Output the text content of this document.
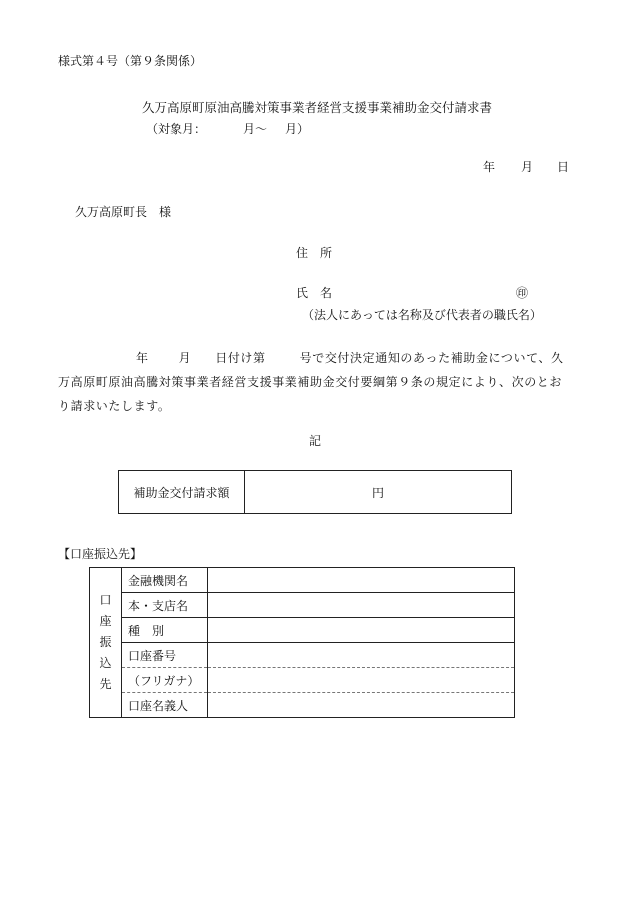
様式第４号（第９条関係）

久万高原町原油高騰対策事業者経営支援事業補助金交付請求書

（対象月：	月～ 月）

年 月 日

久万高原町長　様

住　所

氏　名	㊞

（法人にあっては名称及び代表者の職氏名）

年	月 日付け第	号で交付決定通知のあった補助金について、久万高原町原油高騰対策事業者経営支援事業補助金交付要綱第９条の規定により、次のとおり請求いたします。

記

補助金交付請求額	円

【口座振込先】

口
座
振
込
先	金融機関名	
	本・支店名	
	種　別	
	口座番号	
	（フリガナ）	
	口座名義人	
